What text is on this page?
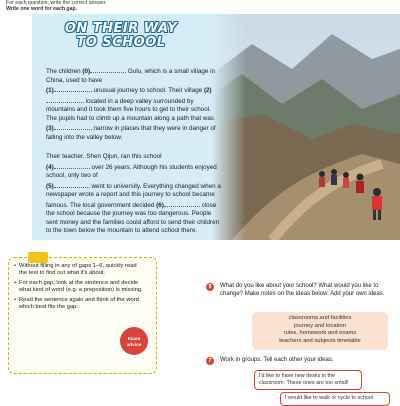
For each question, write the correct answer.
Write one word for each gap.
ON THEIR WAY
TO SCHOOL
The children (0)	Gulu, which is a small village in China, used to have
(1)	unusual journey to school. Their village (2) located in a deep valley surrounded by mountains and it took them five hours to get to their school. The pupils had to climb up a mountain along a path that was
(3)	narrow in places that they were in danger of falling into the valley below.
Their teacher, Shen Qijun, ran this school
(4)	over 26 years. Although his students enjoyed school, only two of
(5)	went to university. Everything changed when a newspaper wrote a report and this journey to school became famous. The local government decided (6)	close the school because the journey was too dangerous. People sent money and the families could afford to send their children to the town below the mountain to attend school there.
• Without filling in any of gaps 1–6, quickly read the text to find out what it's about.
• For each gap, look at the sentence and decide what kind of word (e.g. a preposition) is missing.
• Read the sentence again and think of the word which best fits the gap.
Exam advice
6	What do you like about your school? What would you like to change? Make notes on the ideas below. Add your own ideas.
classrooms and facilities
journey and location
rules, homework and exams
teachers and subjects timetable
7	Work in groups. Tell each other your ideas.
I'd like to have new desks in the classroom. These ones are too small!
I would like to walk or cycle to school
